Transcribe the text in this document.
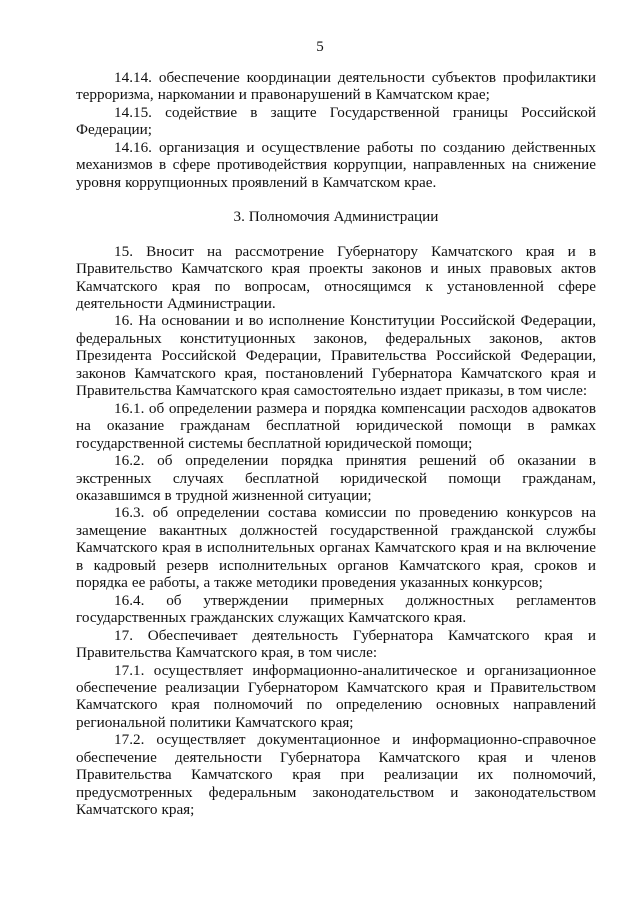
5

14.14. обеспечение координации деятельности субъектов профилактики терроризма, наркомании и правонарушений в Камчатском крае;

14.15. содействие в защите Государственной границы Российской Федерации;

14.16. организация и осуществление работы по созданию действенных механизмов в сфере противодействия коррупции, направленных на снижение уровня коррупционных проявлений в Камчатском крае.

3. Полномочия Администрации

15. Вносит на рассмотрение Губернатору Камчатского края и в Правительство Камчатского края проекты законов и иных правовых актов Камчатского края по вопросам, относящимся к установленной сфере деятельности Администрации.

16. На основании и во исполнение Конституции Российской Федерации, федеральных конституционных законов, федеральных законов, актов Президента Российской Федерации, Правительства Российской Федерации, законов Камчатского края, постановлений Губернатора Камчатского края и Правительства Камчатского края самостоятельно издает приказы, в том числе:

16.1. об определении размера и порядка компенсации расходов адвокатов на оказание гражданам бесплатной юридической помощи в рамках государственной системы бесплатной юридической помощи;

16.2. об определении порядка принятия решений об оказании в экстренных случаях бесплатной юридической помощи гражданам, оказавшимся в трудной жизненной ситуации;

16.3. об определении состава комиссии по проведению конкурсов на замещение вакантных должностей государственной гражданской службы Камчатского края в исполнительных органах Камчатского края и на включение в кадровый резерв исполнительных органов Камчатского края, сроков и порядка ее работы, а также методики проведения указанных конкурсов;

16.4. об утверждении примерных должностных регламентов государственных гражданских служащих Камчатского края.

17. Обеспечивает деятельность Губернатора Камчатского края и Правительства Камчатского края, в том числе:

17.1. осуществляет информационно-аналитическое и организационное обеспечение реализации Губернатором Камчатского края и Правительством Камчатского края полномочий по определению основных направлений региональной политики Камчатского края;

17.2. осуществляет документационное и информационно-справочное обеспечение деятельности Губернатора Камчатского края и членов Правительства Камчатского края при реализации их полномочий, предусмотренных федеральным законодательством и законодательством Камчатского края;
